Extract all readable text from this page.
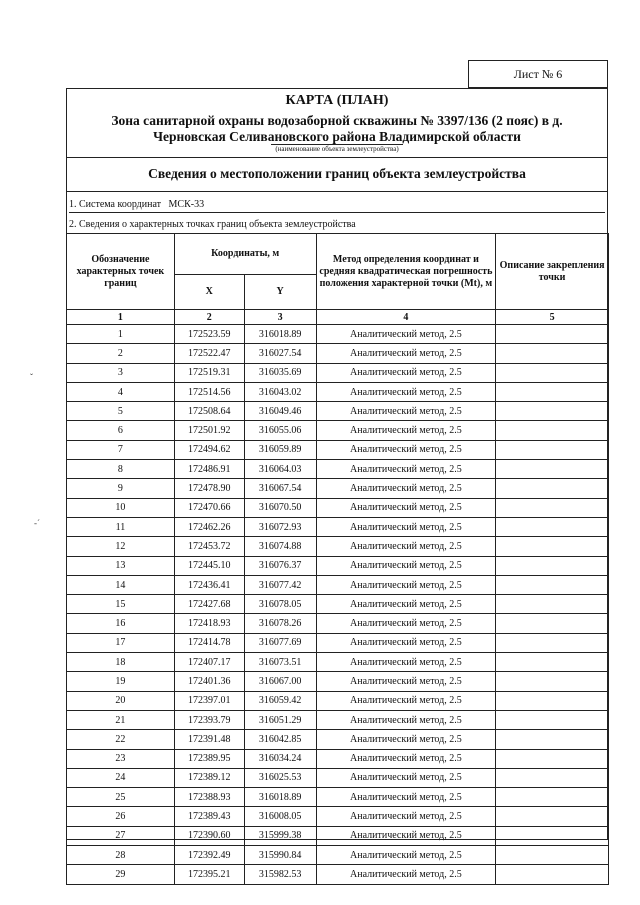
Лист № 6
ˇ
-ˊ
КАРТА (ПЛАН)
Зона санитарной охраны водозаборной скважины № 3397/136 (2 пояс) в д. Черновская Селивановского района Владимирской области
(наименование объекта землеустройства)
Сведения о местоположении границ объекта землеустройства
1. Система координат МСК-33
2. Сведения о характерных точках границ объекта землеустройства
Обозначение характерных точек границ	Координаты, м		Метод определения координат и средняя квадратическая погрешность положения характерной точки (Mt), м	Описание закрепления точки
	X	Y		
1	2	3	4	5
1	172523.59	316018.89	Аналитический метод, 2.5	
2	172522.47	316027.54	Аналитический метод, 2.5	
3	172519.31	316035.69	Аналитический метод, 2.5	
4	172514.56	316043.02	Аналитический метод, 2.5	
5	172508.64	316049.46	Аналитический метод, 2.5	
6	172501.92	316055.06	Аналитический метод, 2.5	
7	172494.62	316059.89	Аналитический метод, 2.5	
8	172486.91	316064.03	Аналитический метод, 2.5	
9	172478.90	316067.54	Аналитический метод, 2.5	
10	172470.66	316070.50	Аналитический метод, 2.5	
11	172462.26	316072.93	Аналитический метод, 2.5	
12	172453.72	316074.88	Аналитический метод, 2.5	
13	172445.10	316076.37	Аналитический метод, 2.5	
14	172436.41	316077.42	Аналитический метод, 2.5	
15	172427.68	316078.05	Аналитический метод, 2.5	
16	172418.93	316078.26	Аналитический метод, 2.5	
17	172414.78	316077.69	Аналитический метод, 2.5	
18	172407.17	316073.51	Аналитический метод, 2.5	
19	172401.36	316067.00	Аналитический метод, 2.5	
20	172397.01	316059.42	Аналитический метод, 2.5	
21	172393.79	316051.29	Аналитический метод, 2.5	
22	172391.48	316042.85	Аналитический метод, 2.5	
23	172389.95	316034.24	Аналитический метод, 2.5	
24	172389.12	316025.53	Аналитический метод, 2.5	
25	172388.93	316018.89	Аналитический метод, 2.5	
26	172389.43	316008.05	Аналитический метод, 2.5	
27	172390.60	315999.38	Аналитический метод, 2.5	
28	172392.49	315990.84	Аналитический метод, 2.5	
29	172395.21	315982.53	Аналитический метод, 2.5	
